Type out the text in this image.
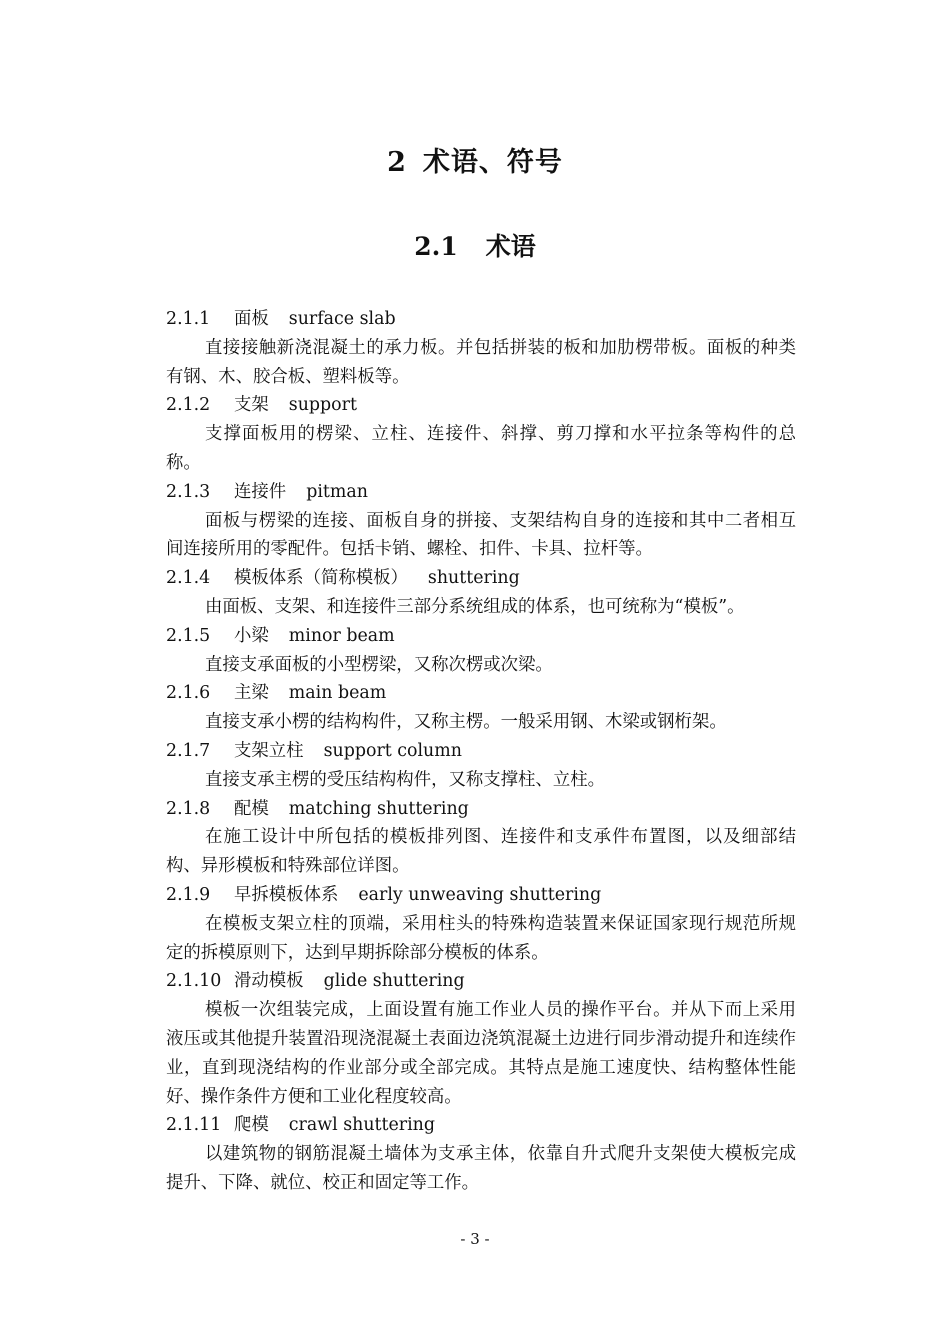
2 术语、符号
2.1 术语
2.1.1 面板 surface slab
直接接触新浇混凝土的承力板。并包括拼装的板和加肋楞带板。面板的种类有钢、木、胶合板、塑料板等。
2.1.2 支架 support
支撑面板用的楞梁、立柱、连接件、斜撑、剪刀撑和水平拉条等构件的总称。
2.1.3 连接件 pitman
面板与楞梁的连接、面板自身的拼接、支架结构自身的连接和其中二者相互间连接所用的零配件。包括卡销、螺栓、扣件、卡具、拉杆等。
2.1.4 模板体系（简称模板） shuttering
由面板、支架、和连接件三部分系统组成的体系，也可统称为“模板”。
2.1.5 小梁 minor beam
直接支承面板的小型楞梁，又称次楞或次梁。
2.1.6 主梁 main beam
直接支承小楞的结构构件，又称主楞。一般采用钢、木梁或钢桁架。
2.1.7 支架立柱 support column
直接支承主楞的受压结构构件，又称支撑柱、立柱。
2.1.8 配模 matching shuttering
在施工设计中所包括的模板排列图、连接件和支承件布置图，以及细部结构、异形模板和特殊部位详图。
2.1.9 早拆模板体系 early unweaving shuttering
在模板支架立柱的顶端，采用柱头的特殊构造装置来保证国家现行规范所规定的拆模原则下，达到早期拆除部分模板的体系。
2.1.10 滑动模板 glide shuttering
模板一次组装完成，上面设置有施工作业人员的操作平台。并从下而上采用液压或其他提升装置沿现浇混凝土表面边浇筑混凝土边进行同步滑动提升和连续作业，直到现浇结构的作业部分或全部完成。其特点是施工速度快、结构整体性能好、操作条件方便和工业化程度较高。
2.1.11 爬模 crawl shuttering
以建筑物的钢筋混凝土墙体为支承主体，依靠自升式爬升支架使大模板完成提升、下降、就位、校正和固定等工作。
- 3 -
